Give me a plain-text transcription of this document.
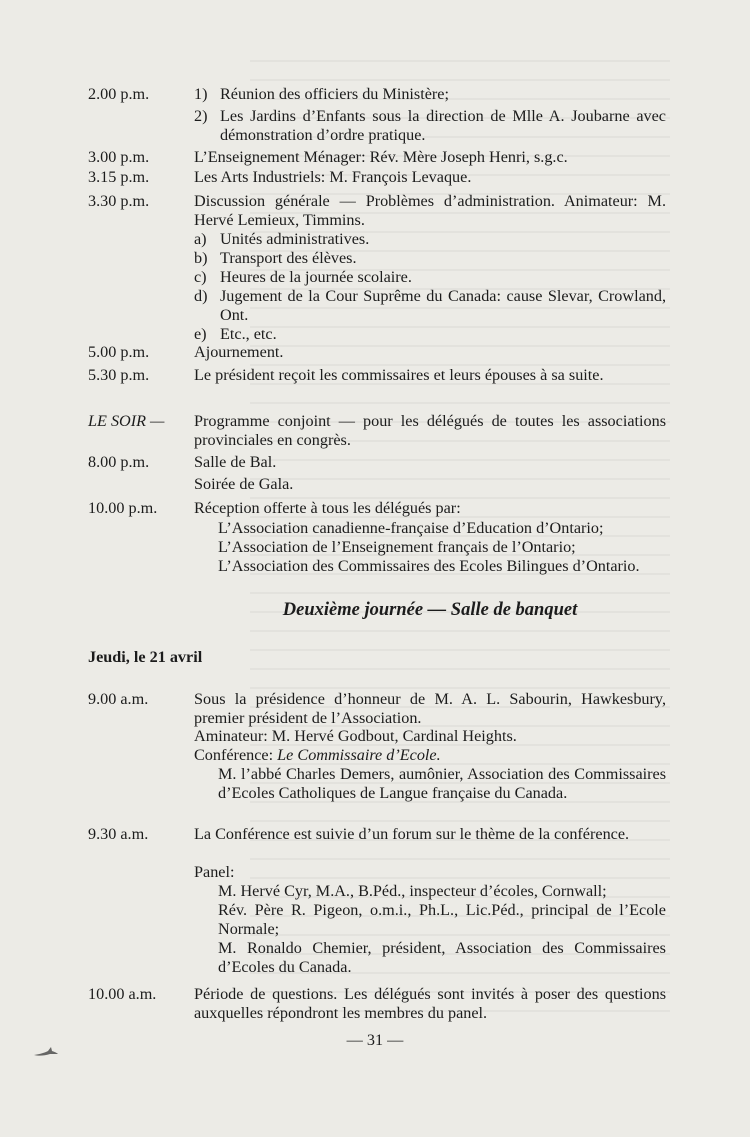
2.00 p.m.	1) Réunion des officiers du Ministère;
2) Les Jardins d’Enfants sous la direction de Mlle A. Joubarne avec démonstration d’ordre pratique.
3.00 p.m.	L’Enseignement Ménager: Rév. Mère Joseph Henri, s.g.c.
3.15 p.m.	Les Arts Industriels: M. François Levaque.
3.30 p.m.	Discussion générale — Problèmes d’administration. Animateur: M. Hervé Lemieux, Timmins.
a) Unités administratives.
b) Transport des élèves.
c) Heures de la journée scolaire.
d) Jugement de la Cour Suprême du Canada: cause Slevar, Crowland, Ont.
e) Etc., etc.
5.00 p.m.	Ajournement.
5.30 p.m.	Le président reçoit les commissaires et leurs épouses à sa suite.
LE SOIR —	Programme conjoint — pour les délégués de toutes les associations provinciales en congrès.
8.00 p.m.	Salle de Bal.
Soirée de Gala.
10.00 p.m.	Réception offerte à tous les délégués par:
L’Association canadienne-française d’Education d’Ontario;
L’Association de l’Enseignement français de l’Ontario;
L’Association des Commissaires des Ecoles Bilingues d’Ontario.
Deuxième journée — Salle de banquet
Jeudi, le 21 avril
9.00 a.m.	Sous la présidence d’honneur de M. A. L. Sabourin, Hawkesbury, premier président de l’Association.
Aminateur: M. Hervé Godbout, Cardinal Heights.
Conférence: Le Commissaire d’Ecole.
M. l’abbé Charles Demers, aumônier, Association des Commissaires d’Ecoles Catholiques de Langue française du Canada.
9.30 a.m.	La Conférence est suivie d’un forum sur le thème de la conférence.
Panel:
M. Hervé Cyr, M.A., B.Péd., inspecteur d’écoles, Cornwall;
Rév. Père R. Pigeon, o.m.i., Ph.L., Lic.Péd., principal de l’Ecole Normale;
M. Ronaldo Chemier, président, Association des Commissaires d’Ecoles du Canada.
10.00 a.m.	Période de questions. Les délégués sont invités à poser des questions auxquelles répondront les membres du panel.
— 31 —
